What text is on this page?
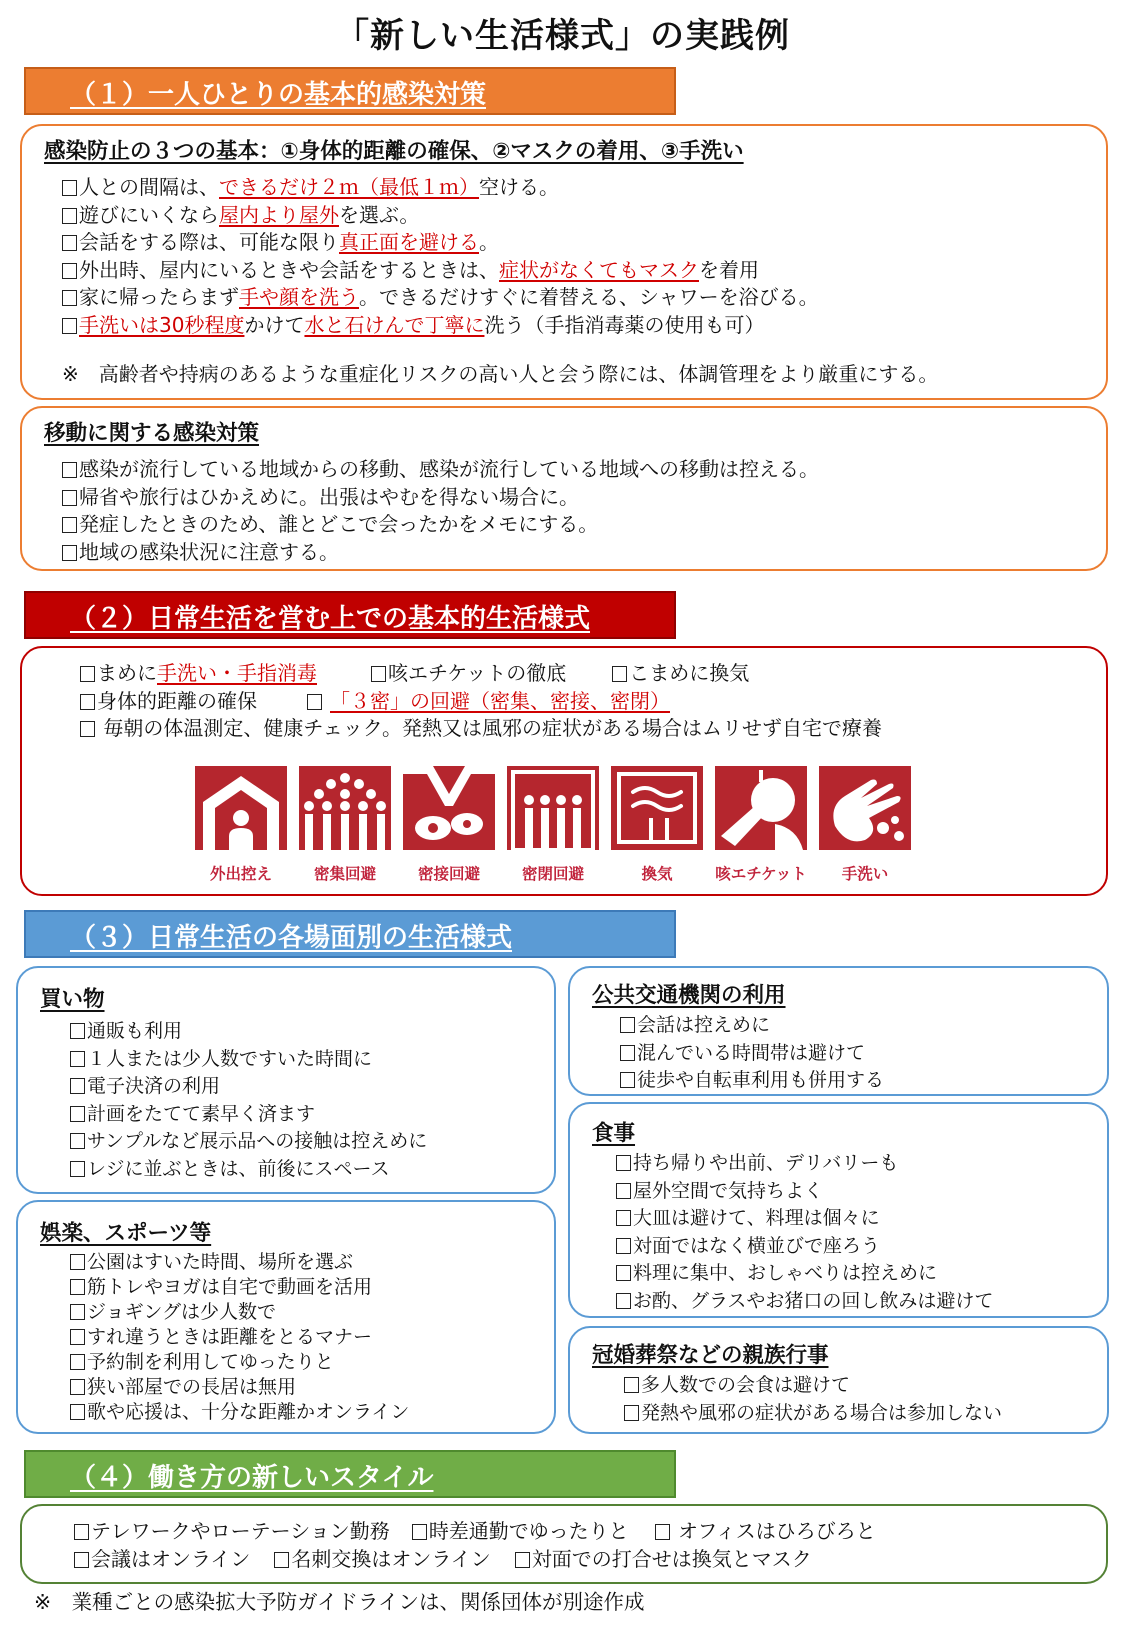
「新しい生活様式」の実践例
（１）一人ひとりの基本的感染対策
感染防止の３つの基本：①身体的距離の確保、②マスクの着用、③手洗い
人との間隔は、できるだけ２ｍ（最低１ｍ）空ける。
遊びにいくなら屋内より屋外を選ぶ。
会話をする際は、可能な限り真正面を避ける。
外出時、屋内にいるときや会話をするときは、症状がなくてもマスクを着用
家に帰ったらまず手や顔を洗う。できるだけすぐに着替える、シャワーを浴びる。
手洗いは30秒程度かけて水と石けんで丁寧に洗う（手指消毒薬の使用も可）
※　高齢者や持病のあるような重症化リスクの高い人と会う際には、体調管理をより厳重にする。
移動に関する感染対策
感染が流行している地域からの移動、感染が流行している地域への移動は控える。
帰省や旅行はひかえめに。出張はやむを得ない場合に。
発症したときのため、誰とどこで会ったかをメモにする。
地域の感染状況に注意する。
（２）日常生活を営む上での基本的生活様式
まめに手洗い・手指消毒	咳エチケットの徹底	こまめに換気
身体的距離の確保	「３密」の回避（密集、密接、密閉）
毎朝の体温測定、健康チェック。発熱又は風邪の症状がある場合はムリせず自宅で療養
外出控え	密集回避	密接回避	密閉回避	換気	咳エチケット	手洗い
（３）日常生活の各場面別の生活様式
買い物
通販も利用
１人または少人数ですいた時間に
電子決済の利用
計画をたてて素早く済ます
サンプルなど展示品への接触は控えめに
レジに並ぶときは、前後にスペース
娯楽、スポーツ等
公園はすいた時間、場所を選ぶ
筋トレやヨガは自宅で動画を活用
ジョギングは少人数で
すれ違うときは距離をとるマナー
予約制を利用してゆったりと
狭い部屋での長居は無用
歌や応援は、十分な距離かオンライン
公共交通機関の利用
会話は控えめに
混んでいる時間帯は避けて
徒歩や自転車利用も併用する
食事
持ち帰りや出前、デリバリーも
屋外空間で気持ちよく
大皿は避けて、料理は個々に
対面ではなく横並びで座ろう
料理に集中、おしゃべりは控えめに
お酌、グラスやお猪口の回し飲みは避けて
冠婚葬祭などの親族行事
多人数での会食は避けて
発熱や風邪の症状がある場合は参加しない
（４）働き方の新しいスタイル
テレワークやローテーション勤務 時差通勤でゆったりと オフィスはひろびろと
会議はオンライン 名刺交換はオンライン 対面での打合せは換気とマスク
※　業種ごとの感染拡大予防ガイドラインは、関係団体が別途作成
